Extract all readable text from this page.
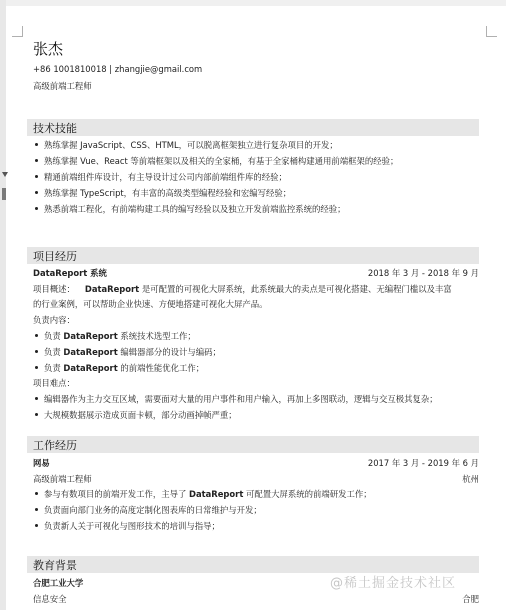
张杰
+86 1001810018 | zhangjie@gmail.com
高级前端工程师
技术技能
熟练掌握 JavaScript、CSS、HTML，可以脱离框架独立进行复杂项目的开发；
熟练掌握 Vue、React 等前端框架以及相关的全家桶，有基于全家桶构建通用前端框架的经验；
精通前端组件库设计，有主导设计过公司内部前端组件库的经验；
熟练掌握 TypeScript，有丰富的高级类型编程经验和宏编写经验；
熟悉前端工程化，有前端构建工具的编写经验以及独立开发前端监控系统的经验；
项目经历
DataReport 系统	2018 年 3 月 - 2018 年 9 月
项目概述： DataReport 是可配置的可视化大屏系统，此系统最大的卖点是可视化搭建、无编程门槛以及丰富
的行业案例，可以帮助企业快速、方便地搭建可视化大屏产品。
负责内容：
负责 DataReport 系统技术选型工作；
负责 DataReport 编辑器部分的设计与编码；
负责 DataReport 的前端性能优化工作；
项目难点：
编辑器作为主力交互区域，需要面对大量的用户事件和用户输入，再加上多图联动，逻辑与交互极其复杂；
大规模数据展示造成页面卡顿，部分动画掉帧严重；
工作经历
网易	2017 年 3 月 - 2019 年 6 月
高级前端工程师	杭州
参与有数项目的前端开发工作，主导了 DataReport 可配置大屏系统的前端研发工作；
负责面向部门业务的高度定制化图表库的日常维护与开发；
负责新人关于可视化与图形技术的培训与指导；
教育背景
合肥工业大学
信息安全	合肥
@稀土掘金技术社区
